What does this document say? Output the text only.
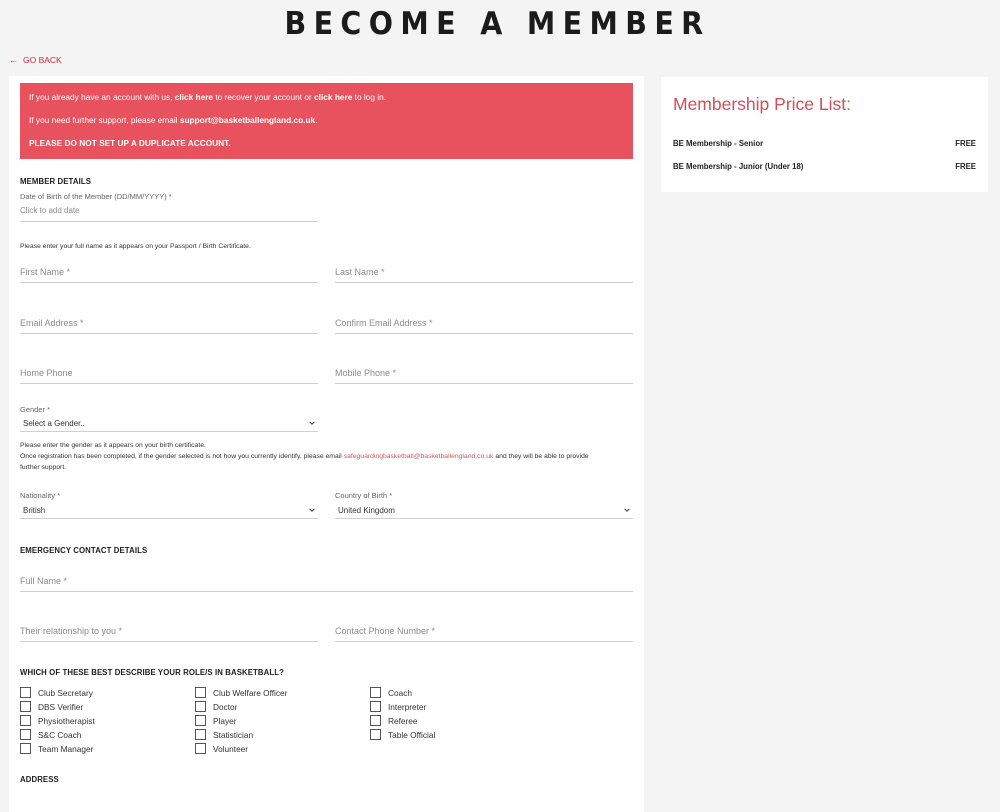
BECOME A MEMBER
← GO BACK

If you already have an account with us, click here to recover your account or click here to log in.

If you need further support, please email support@basketballengland.co.uk.

PLEASE DO NOT SET UP A DUPLICATE ACCOUNT.

MEMBER DETAILS
Date of Birth of the Member (DD/MM/YYYY) *
Click to add date
Please enter your full name as it appears on your Passport / Birth Certificate.
First Name *
Last Name *
Email Address *
Confirm Email Address *
Home Phone
Mobile Phone *
Gender *
Select a Gender..
Please enter the gender as it appears on your birth certificate.
Once registration has been completed, if the gender selected is not how you currently identify, please email safeguardingbasketball@basketballengland.co.uk and they will be able to provide
further support.
Nationality *
British
Country of Birth *
United Kingdom
EMERGENCY CONTACT DETAILS
Full Name *
Their relationship to you *
Contact Phone Number *
WHICH OF THESE BEST DESCRIBE YOUR ROLE/S IN BASKETBALL?
Club Secretary
DBS Verifier
Physiotherapist
S&C Coach
Team Manager
Club Welfare Officer
Doctor
Player
Statistician
Volunteer
Coach
Interpreter
Referee
Table Official
ADDRESS
Membership Price List:
BE Membership - Senior	FREE
BE Membership - Junior (Under 18)	FREE
